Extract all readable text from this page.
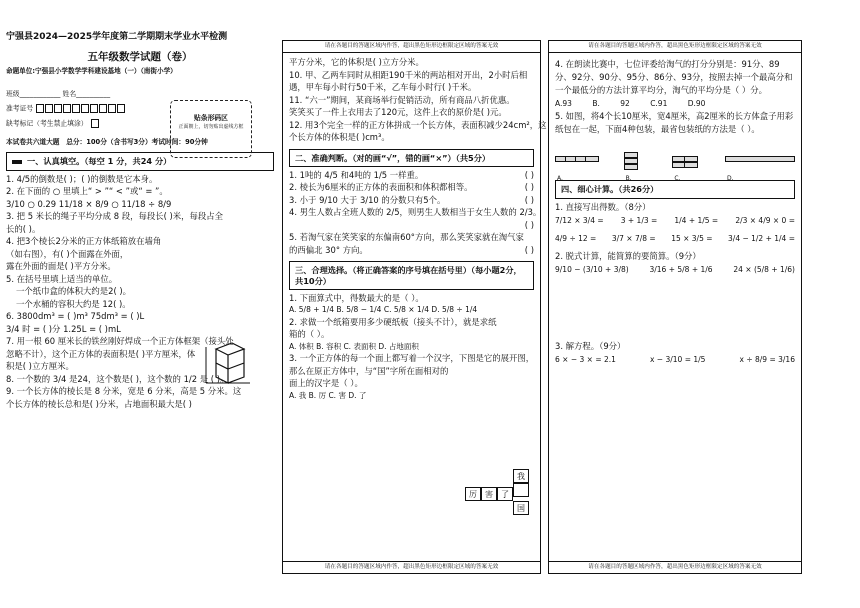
宁强县2024—2025学年度第二学期期末学业水平检测
五年级数学试题（卷）
命题单位:宁强县小学数学学科建设基地（一）（南街小学）
班级____________ 姓名__________
准考证号
缺考标记（考生禁止填涂）
贴条形码区
正面朝上，切勿贴出虚线方框
本试卷共六道大题　 总分：100分（含书写3分）考试时间：90分钟
一、认真填空。（每空 1 分，共24 分）
1. 4/5的倒数是( )；( )的倒数是它本身。
2. 在下面的 ○ 里填上“ > ”“ < ”或“ = ”。
3/10 ○ 0.29 11/18 × 8/9 ○ 11/18 ÷ 8/9
3. 把 5 米长的绳子平均分成 8 段，每段长( )米，每段占全
长的( )。
4. 把3个棱长2分米的正方体纸箱放在墙角
（如右图），有( )个面露在外面，
露在外面的面是( )平方分米。
5. 在括号里填上适当的单位。
一个纸巾盒的体积大约是2( )。
一个水桶的容积大约是 12( )。
6. 3800dm³ = ( )m³ 75dm³ = ( )L
3/4 时 = ( )分 1.25L = ( )mL
7. 用一根 60 厘米长的铁丝刚好焊成一个正方体框架（接头处
忽略不计），这个正方体的表面积是( )平方厘米，体
积是( )立方厘米。
8. 一个数的 3/4 是24，这个数是( )，这个数的 1/2 是 ( )。
9. 一个长方体的棱长是 8 分米，宽是 6 分米，高是 5 分米。这
个长方体的棱长总和是( )分米，占地面积最大是( )
请在各题目的答题区域内作答，超出黑色矩形边框限定区域的答案无效
平方分米，它的体积是( )立方分米。
10. 甲、乙两车同时从相距190千米的两站相对开出，2小时后相
遇，甲车每小时行50千米，乙车每小时行( )千米。
11. “六一”期间，某商场举行促销活动，所有商品八折优惠。
笑笑买了一件上衣用去了120元，这件上衣的原价是( )元。
12. 用3个完全一样的正方体拼成一个长方体，表面积减少24cm²，这
个长方体的体积是( )cm³。
二、准确判断。（对的画“√”，错的画“×”）（共5分）
1. 1吨的 4/5 和4吨的 1/5 一样重。	( )
2. 棱长为6厘米的正方体的表面积和体积都相等。	( )
3. 小于 9/10 大于 3/10 的分数只有5个。	( )
4. 男生人数占全班人数的 2/5，则男生人数相当于女生人数的 2/3。
( )

5. 若淘气家在笑笑家的东偏南60°方向，那么笑笑家就在淘气家
的西偏北 30° 方向。	( )
三、合理选择。（将正确答案的序号填在括号里）（每小题2分，共10分）
1. 下面算式中，得数最大的是（ ）。
A. 5/8 + 1/4 B. 5/8 − 1/4 C. 5/8 × 1/4 D. 5/8 ÷ 1/4
2. 求做一个纸箱要用多少硬纸板（接头不计），就是求纸
箱的（ ）。
A. 体积 B. 容积 C. 表面积 D. 占地面积
3. 一个正方体的每一个面上都写着一个汉字，下图是它的展开图，
那么在原正方体中，与“国”字所在面相对的
面上的汉字是（ ）。
A. 我 B. 厉 C. 害 D. 了
我
厉 害 了
国
请在各题目的答题区域内作答，超出黑色矩形边框限定区域的答案无效
请在各题目的答题区域内作答，超出黑色矩形边框限定区域的答案无效
4. 在朗读比赛中，七位评委给淘气的打分分别是：91分、89分、92分、90分、95分、86分、93分，按照去掉一个最高分和一个最低分的方法计算平均分，淘气的平均分是（ ）分。
A.93	B. 92	C.91	D.90
5. 如图，将4个长10厘米，宽4厘米，高2厘米的长方体盒子用彩纸包在一起，下面4种包装，最省包装纸的方法是（ ）。
A.	B.	C.	D.
四、细心计算。（共26分）
1. 直接写出得数。（8分）
7/12 × 3/4 = 3 + 1/3 = 1/4 + 1/5 = 2/3 × 4/9 × 0 =
4/9 ÷ 12 = 3/7 × 7/8 = 15 × 3/5 = 3/4 − 1/2 + 1/4 =
2. 脱式计算，能简算的要简算。（9分）
9/10 − (3/10 + 3/8)	3/16 + 5/8 + 1/6	24 × (5/8 + 1/6)
3. 解方程。（9分）
6 × − 3 × = 2.1	x − 3/10 = 1/5	x ÷ 8/9 = 3/16
请在各题目的答题区域内作答，超出黑色矩形边框限定区域的答案无效
